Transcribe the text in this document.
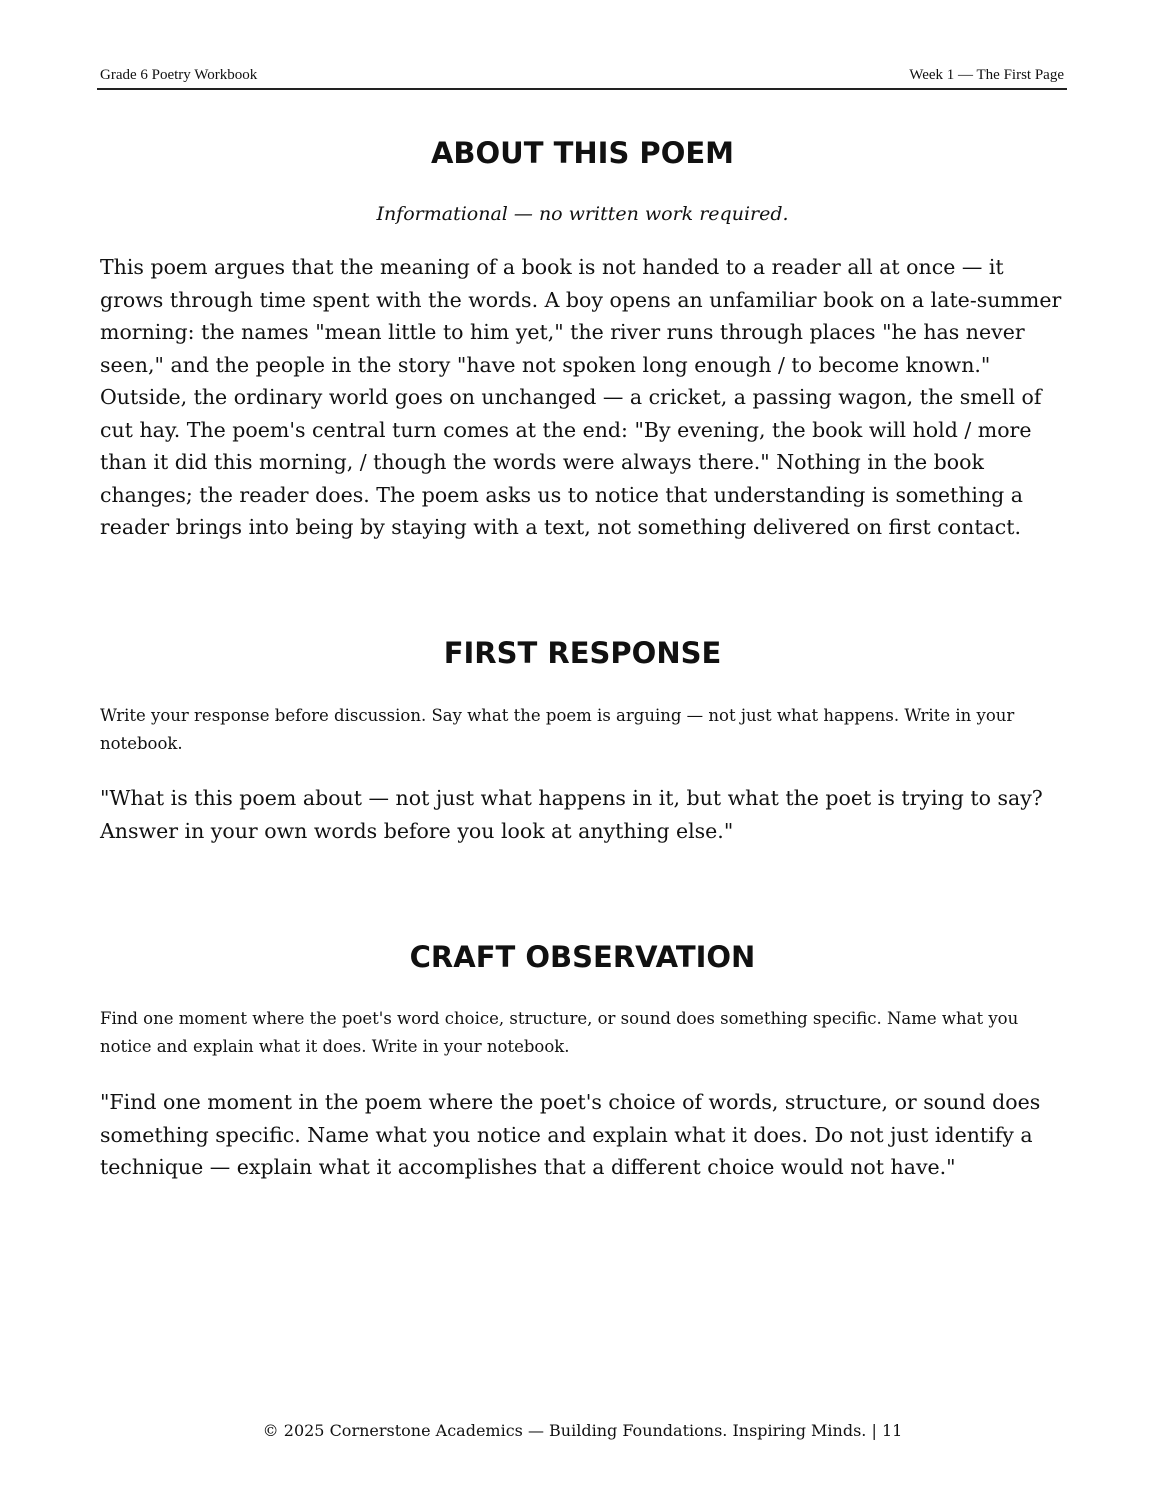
Grade 6 Poetry Workbook	Week 1 — The First Page
ABOUT THIS POEM

Informational — no written work required.

This poem argues that the meaning of a book is not handed to a reader all at once — it grows through time spent with the words. A boy opens an unfamiliar book on a late-summer morning: the names "mean little to him yet," the river runs through places "he has never seen," and the people in the story "have not spoken long enough / to become known." Outside, the ordinary world goes on unchanged — a cricket, a passing wagon, the smell of cut hay. The poem's central turn comes at the end: "By evening, the book will hold / more than it did this morning, / though the words were always there." Nothing in the book changes; the reader does. The poem asks us to notice that understanding is something a reader brings into being by staying with a text, not something delivered on first contact.

FIRST RESPONSE

Write your response before discussion. Say what the poem is arguing — not just what happens. Write in your notebook.

"What is this poem about — not just what happens in it, but what the poet is trying to say? Answer in your own words before you look at anything else."

CRAFT OBSERVATION

Find one moment where the poet's word choice, structure, or sound does something specific. Name what you notice and explain what it does. Write in your notebook.

"Find one moment in the poem where the poet's choice of words, structure, or sound does something specific. Name what you notice and explain what it does. Do not just identify a technique — explain what it accomplishes that a different choice would not have."

© 2025 Cornerstone Academics — Building Foundations. Inspiring Minds. | 11
